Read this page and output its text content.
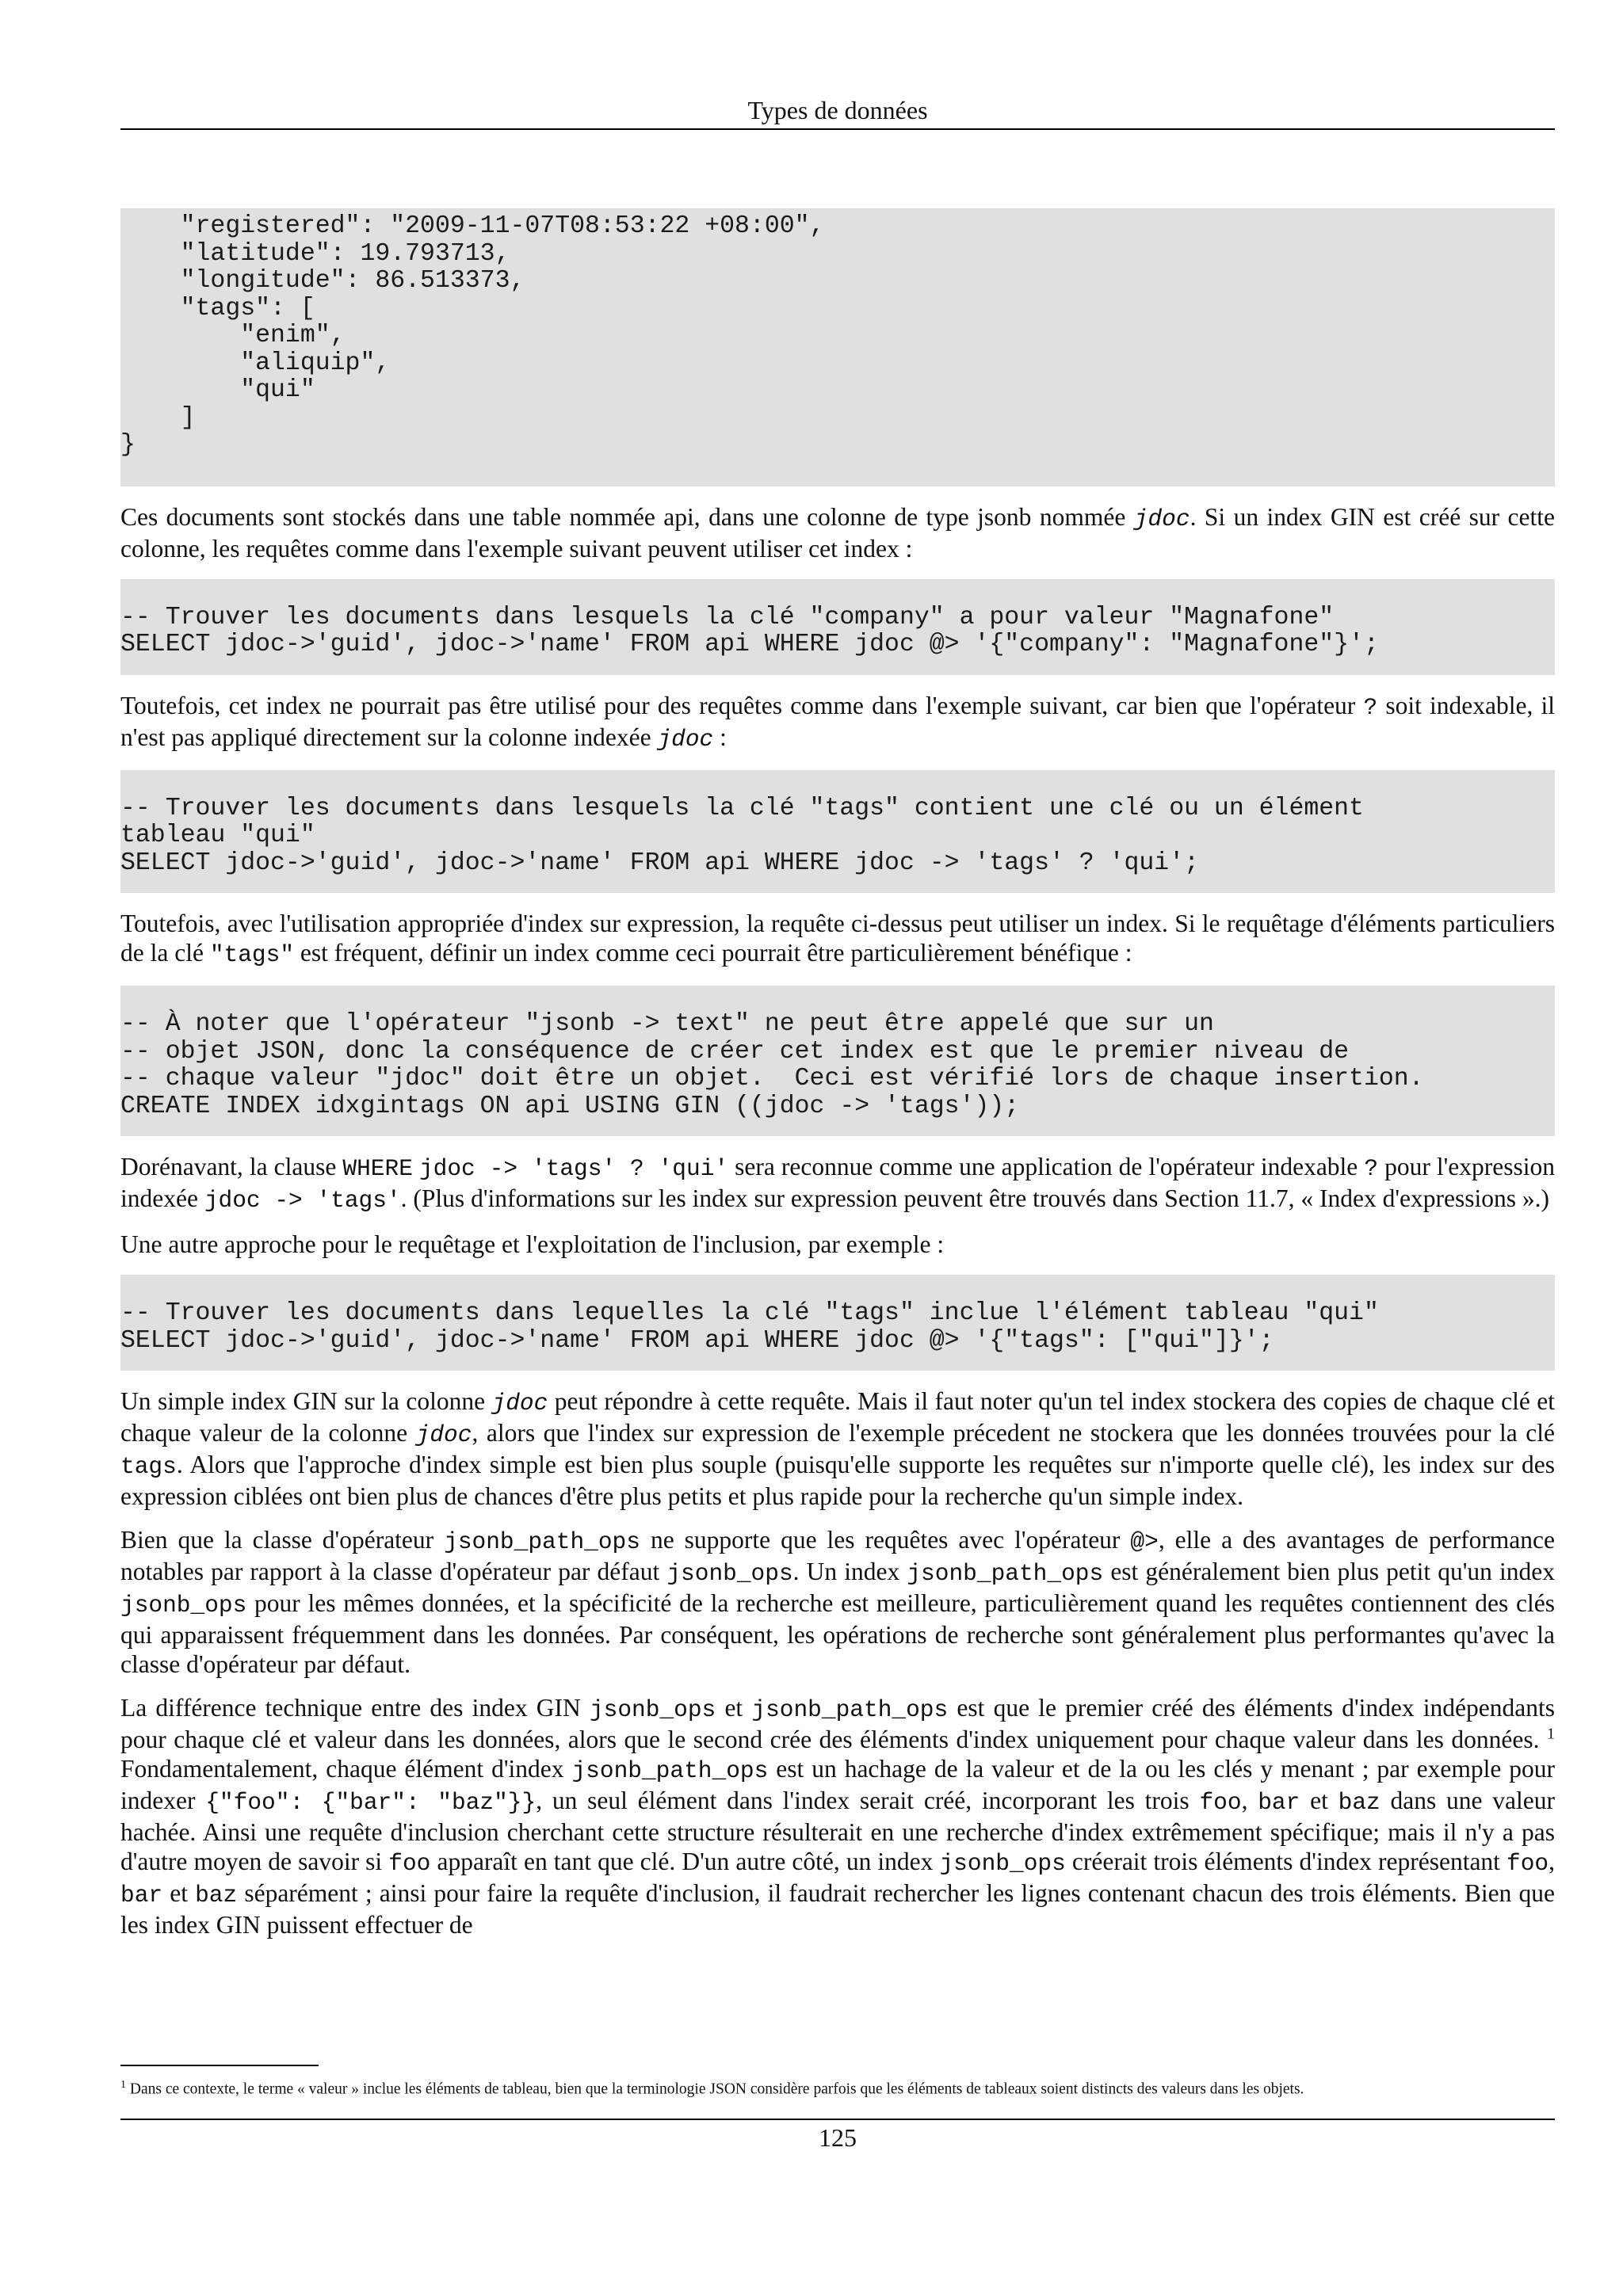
Types de données
"registered": "2009-11-07T08:53:22 +08:00",
"latitude": 19.793713,
"longitude": 86.513373,
"tags": [
"enim",
"aliquip",
"qui"
]
}

Ces documents sont stockés dans une table nommée api, dans une colonne de type jsonb nommée jdoc. Si un index GIN est créé sur cette colonne, les requêtes comme dans l'exemple suivant peuvent utiliser cet index :

-- Trouver les documents dans lesquels la clé "company" a pour valeur "Magnafone"
SELECT jdoc->'guid', jdoc->'name' FROM api WHERE jdoc @> '{"company": "Magnafone"}';

Toutefois, cet index ne pourrait pas être utilisé pour des requêtes comme dans l'exemple suivant, car bien que l'opérateur ? soit indexable, il n'est pas appliqué directement sur la colonne indexée jdoc :

-- Trouver les documents dans lesquels la clé "tags" contient une clé ou un élément
tableau "qui"
SELECT jdoc->'guid', jdoc->'name' FROM api WHERE jdoc -> 'tags' ? 'qui';

Toutefois, avec l'utilisation appropriée d'index sur expression, la requête ci-dessus peut utiliser un index. Si le requêtage d'éléments particuliers de la clé "tags" est fréquent, définir un index comme ceci pourrait être particulièrement bénéfique :

-- À noter que l'opérateur "jsonb -> text" ne peut être appelé que sur un
-- objet JSON, donc la conséquence de créer cet index est que le premier niveau de
-- chaque valeur "jdoc" doit être un objet.  Ceci est vérifié lors de chaque insertion.
CREATE INDEX idxgintags ON api USING GIN ((jdoc -> 'tags'));

Dorénavant, la clause WHERE jdoc -> 'tags' ? 'qui' sera reconnue comme une application de l'opérateur indexable ? pour l'expression indexée jdoc -> 'tags'. (Plus d'informations sur les index sur expression peuvent être trouvés dans Section 11.7, « Index d'expressions ».)

Une autre approche pour le requêtage et l'exploitation de l'inclusion, par exemple :

-- Trouver les documents dans lequelles la clé "tags" inclue l'élément tableau "qui"
SELECT jdoc->'guid', jdoc->'name' FROM api WHERE jdoc @> '{"tags": ["qui"]}';

Un simple index GIN sur la colonne jdoc peut répondre à cette requête. Mais il faut noter qu'un tel index stockera des copies de chaque clé et chaque valeur de la colonne jdoc, alors que l'index sur expression de l'exemple précedent ne stockera que les données trouvées pour la clé tags. Alors que l'approche d'index simple est bien plus souple (puisqu'elle supporte les requêtes sur n'importe quelle clé), les index sur des expression ciblées ont bien plus de chances d'être plus petits et plus rapide pour la recherche qu'un simple index.

Bien que la classe d'opérateur jsonb_path_ops ne supporte que les requêtes avec l'opérateur @>, elle a des avantages de performance notables par rapport à la classe d'opérateur par défaut jsonb_ops. Un index jsonb_path_ops est généralement bien plus petit qu'un index jsonb_ops pour les mêmes données, et la spécificité de la recherche est meilleure, particulièrement quand les requêtes contiennent des clés qui apparaissent fréquemment dans les données. Par conséquent, les opérations de recherche sont généralement plus performantes qu'avec la classe d'opérateur par défaut.

La différence technique entre des index GIN jsonb_ops et jsonb_path_ops est que le premier créé des éléments d'index indépendants pour chaque clé et valeur dans les données, alors que le second crée des éléments d'index uniquement pour chaque valeur dans les données. $^1$ Fondamentalement, chaque élément d'index jsonb_path_ops est un hachage de la valeur et de la ou les clés y menant ; par exemple pour indexer {"foo": {"bar": "baz"}}, un seul élément dans l'index serait créé, incorporant les trois foo, bar et baz dans une valeur hachée. Ainsi une requête d'inclusion cherchant cette structure résulterait en une recherche d'index extrêmement spécifique; mais il n'y a pas d'autre moyen de savoir si foo apparaît en tant que clé. D'un autre côté, un index jsonb_ops créerait trois éléments d'index représentant foo, bar et baz séparément ; ainsi pour faire la requête d'inclusion, il faudrait rechercher les lignes contenant chacun des trois éléments. Bien que les index GIN puissent effectuer de

$^1$ Dans ce contexte, le terme « valeur » inclue les éléments de tableau, bien que la terminologie JSON considère parfois que les éléments de tableaux soient distincts des valeurs dans les objets.
125
